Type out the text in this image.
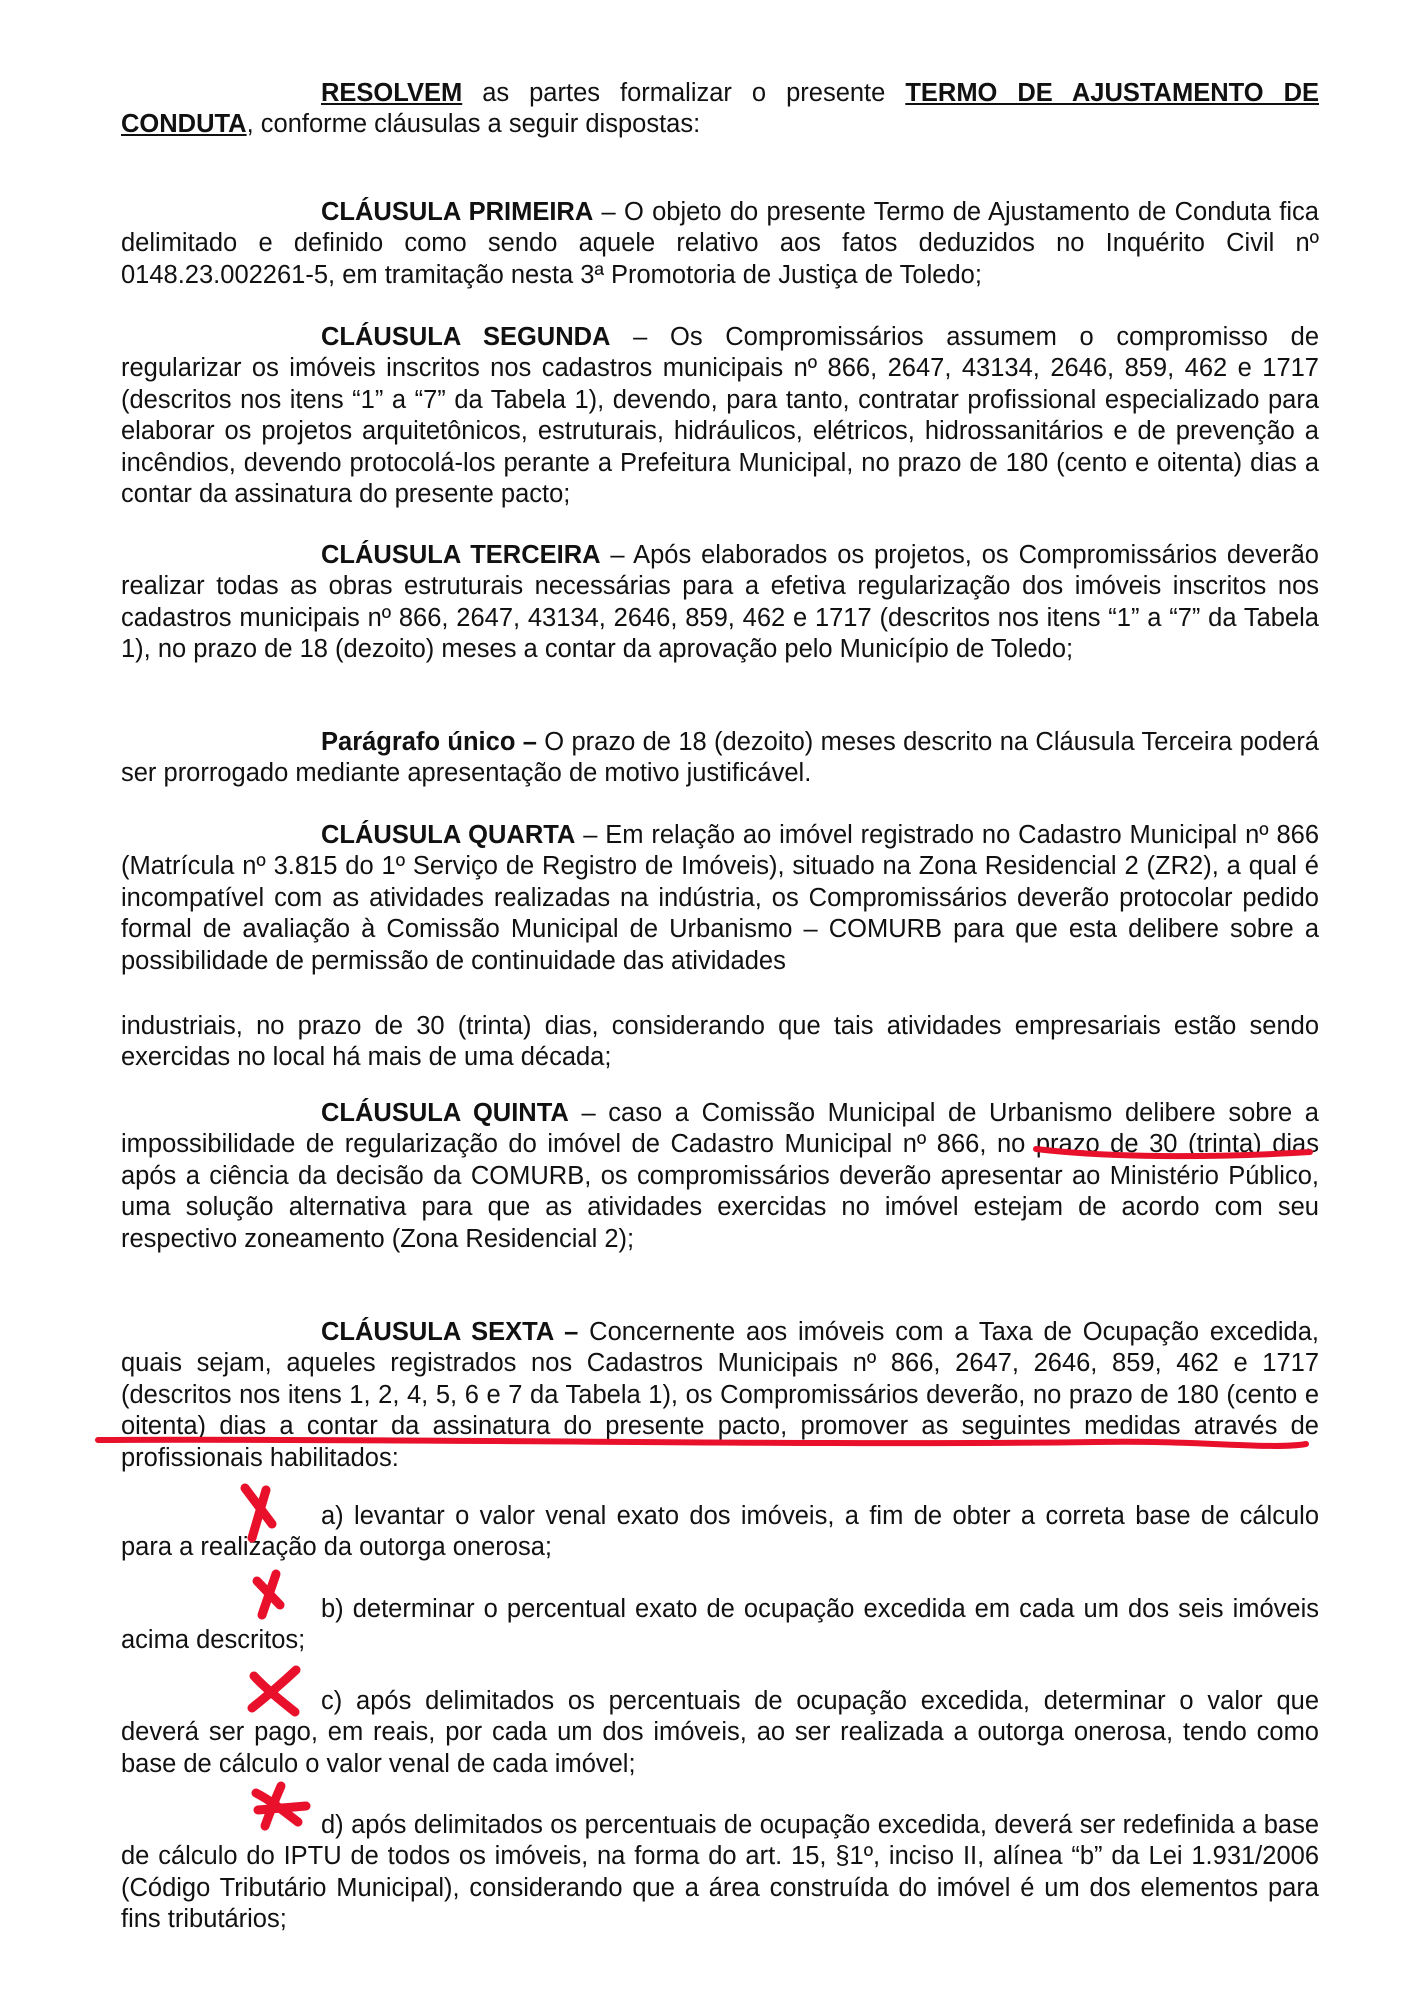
RESOLVEM as partes formalizar o presente TERMO DE AJUSTAMENTO DE CONDUTA, conforme cláusulas a seguir dispostas:

CLÁUSULA PRIMEIRA – O objeto do presente Termo de Ajustamento de Conduta fica delimitado e definido como sendo aquele relativo aos fatos deduzidos no Inquérito Civil nº 0148.23.002261-5, em tramitação nesta 3ª Promotoria de Justiça de Toledo;

CLÁUSULA SEGUNDA – Os Compromissários assumem o compromisso de regularizar os imóveis inscritos nos cadastros municipais nº 866, 2647, 43134, 2646, 859, 462 e 1717 (descritos nos itens “1” a “7” da Tabela 1), devendo, para tanto, contratar profissional especializado para elaborar os projetos arquitetônicos, estruturais, hidráulicos, elétricos, hidrossanitários e de prevenção a incêndios, devendo protocolá-los perante a Prefeitura Municipal, no prazo de 180 (cento e oitenta) dias a contar da assinatura do presente pacto;

CLÁUSULA TERCEIRA – Após elaborados os projetos, os Compromissários deverão realizar todas as obras estruturais necessárias para a efetiva regularização dos imóveis inscritos nos cadastros municipais nº 866, 2647, 43134, 2646, 859, 462 e 1717 (descritos nos itens “1” a “7” da Tabela 1), no prazo de 18 (dezoito) meses a contar da aprovação pelo Município de Toledo;

Parágrafo único – O prazo de 18 (dezoito) meses descrito na Cláusula Terceira poderá ser prorrogado mediante apresentação de motivo justificável.

CLÁUSULA QUARTA – Em relação ao imóvel registrado no Cadastro Municipal nº 866 (Matrícula nº 3.815 do 1º Serviço de Registro de Imóveis), situado na Zona Residencial 2 (ZR2), a qual é incompatível com as atividades realizadas na indústria, os Compromissários deverão protocolar pedido formal de avaliação à Comissão Municipal de Urbanismo – COMURB para que esta delibere sobre a possibilidade de permissão de continuidade das atividades

industriais, no prazo de 30 (trinta) dias, considerando que tais atividades empresariais estão sendo exercidas no local há mais de uma década;

CLÁUSULA QUINTA – caso a Comissão Municipal de Urbanismo delibere sobre a impossibilidade de regularização do imóvel de Cadastro Municipal nº 866, no prazo de 30 (trinta) dias após a ciência da decisão da COMURB, os compromissários deverão apresentar ao Ministério Público, uma solução alternativa para que as atividades exercidas no imóvel estejam de acordo com seu respectivo zoneamento (Zona Residencial 2);

CLÁUSULA SEXTA – Concernente aos imóveis com a Taxa de Ocupação excedida, quais sejam, aqueles registrados nos Cadastros Municipais nº 866, 2647, 2646, 859, 462 e 1717 (descritos nos itens 1, 2, 4, 5, 6 e 7 da Tabela 1), os Compromissários deverão, no prazo de 180 (cento e oitenta) dias a contar da assinatura do presente pacto, promover as seguintes medidas através de profissionais habilitados:

a) levantar o valor venal exato dos imóveis, a fim de obter a correta base de cálculo para a realização da outorga onerosa;

b) determinar o percentual exato de ocupação excedida em cada um dos seis imóveis acima descritos;

c) após delimitados os percentuais de ocupação excedida, determinar o valor que deverá ser pago, em reais, por cada um dos imóveis, ao ser realizada a outorga onerosa, tendo como base de cálculo o valor venal de cada imóvel;

d) após delimitados os percentuais de ocupação excedida, deverá ser redefinida a base de cálculo do IPTU de todos os imóveis, na forma do art. 15, §1º, inciso II, alínea “b” da Lei 1.931/2006 (Código Tributário Municipal), considerando que a área construída do imóvel é um dos elementos para fins tributários;
